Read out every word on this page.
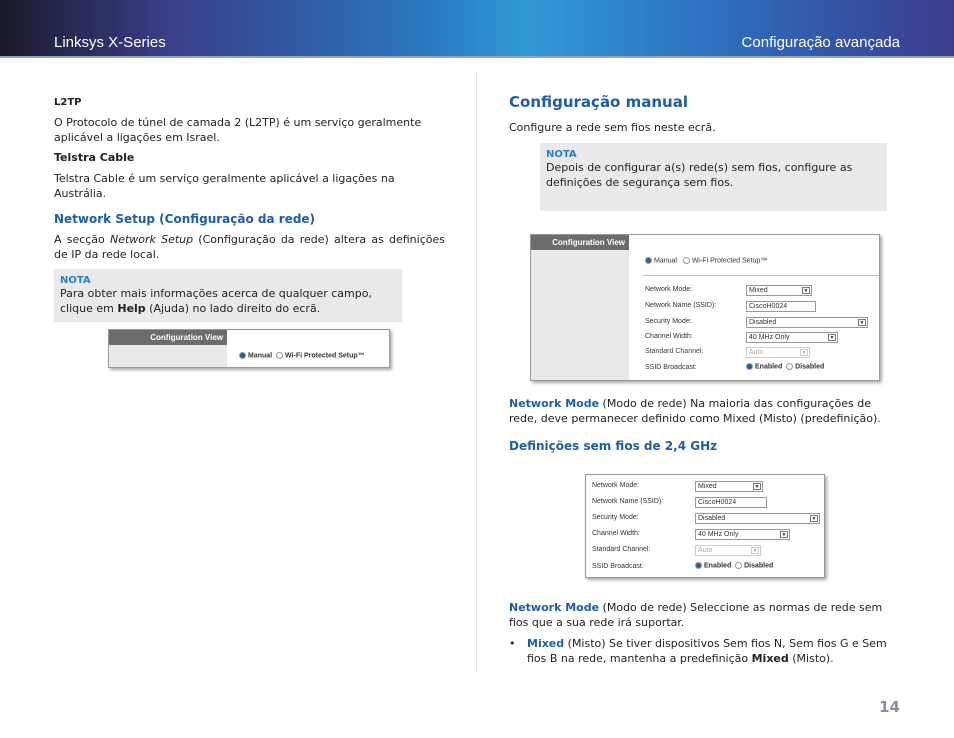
Linksys X-Series	Configuração avançada
L2TP

O Protocolo de túnel de camada 2 (L2TP) é um serviço geralmente aplicável a ligações em Israel.

Telstra Cable

Telstra Cable é um serviço geralmente aplicável a ligações na Austrália.

Network Setup (Configuração da rede)

A secção Network Setup (Configuração da rede) altera as definições de IP da rede local.

NOTA

Para obter mais informações acerca de qualquer campo, clique em Help (Ajuda) no lado direito do ecrã.

Configuration View
Manual Wi-Fi Protected Setup™
Configuração manual

Configure a rede sem fios neste ecrã.

NOTA

Depois de configurar a(s) rede(s) sem fios, configure as definições de segurança sem fios.

Configuration View
Manual Wi-Fi Protected Setup™
Network Mode:	Mixed	▼
Network Name (SSID):	CiscoH0024
Security Mode:	Disabled	▼
Channel Width:	40 MHz Only	▼
Standard Channel:	Auto	▼
SSID Broadcast:	Enabled Disabled

Network Mode (Modo de rede) Na maioria das configurações de rede, deve permanecer definido como Mixed (Misto) (predefinição).

Definições sem fios de 2,4 GHz
Network Mode:	Mixed	▼
Network Name (SSID):	CiscoH0024
Security Mode:	Disabled	▼
Channel Width:	40 MHz Only	▼
Standard Channel:	Auto	▼
SSID Broadcast:	Enabled Disabled

Network Mode (Modo de rede) Seleccione as normas de rede sem fios que a sua rede irá suportar.

•	Mixed (Misto) Se tiver dispositivos Sem fios N, Sem fios G e Sem fios B na rede, mantenha a predefinição Mixed (Misto).

14
